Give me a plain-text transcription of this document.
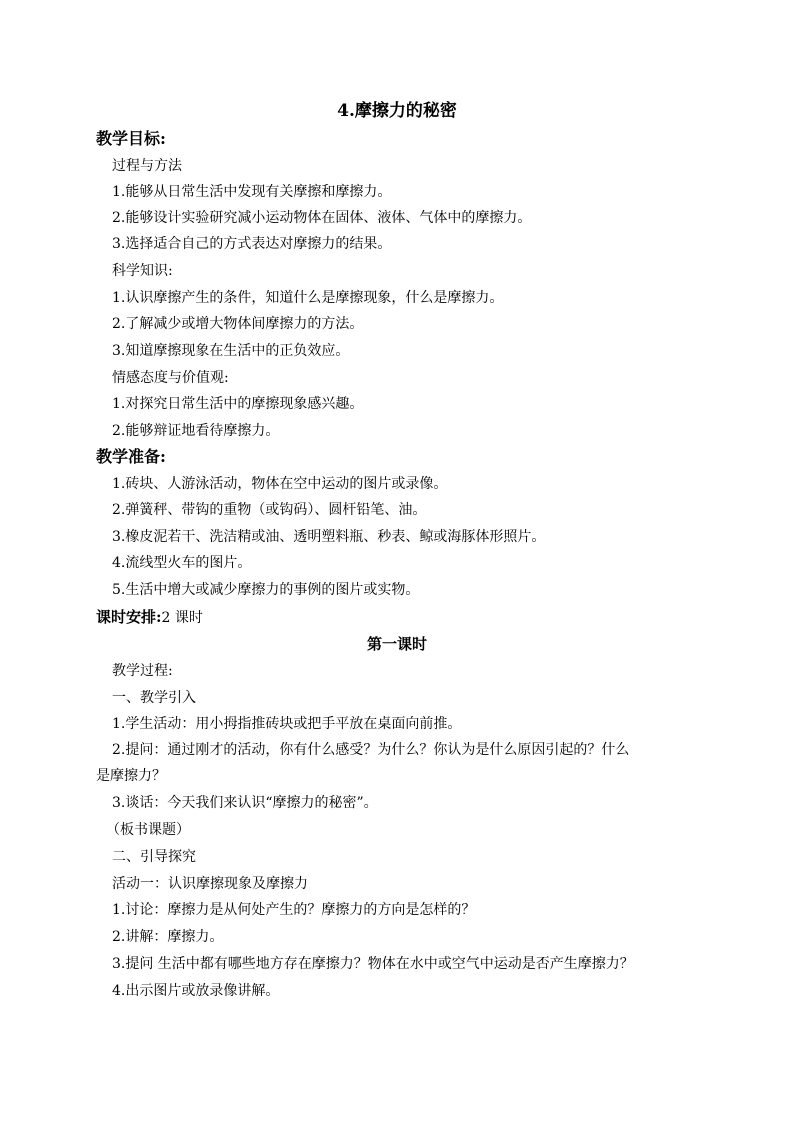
4.摩擦力的秘密
教学目标:
过程与方法
1.能够从日常生活中发现有关摩擦和摩擦力。
2.能够设计实验研究减小运动物体在固体、液体、气体中的摩擦力。
3.选择适合自己的方式表达对摩擦力的结果。
科学知识:
1.认识摩擦产生的条件，知道什么是摩擦现象，什么是摩擦力。
2.了解减少或增大物体间摩擦力的方法。
3.知道摩擦现象在生活中的正负效应。
情感态度与价值观:
1.对探究日常生活中的摩擦现象感兴趣。
2.能够辩证地看待摩擦力。
教学准备:
1.砖块、人游泳活动，物体在空中运动的图片或录像。
2.弹簧秤、带钩的重物（或钩码）、圆杆铅笔、油。
3.橡皮泥若干、洗洁精或油、透明塑料瓶、秒表、鲸或海豚体形照片。
4.流线型火车的图片。
5.生活中增大或减少摩擦力的事例的图片或实物。
课时安排:2 课时
第一课时
教学过程:
一、教学引入
1.学生活动：用小拇指推砖块或把手平放在桌面向前推。
2.提问：通过刚才的活动，你有什么感受？为什么？你认为是什么原因引起的？什么
是摩擦力？
3.谈话：今天我们来认识“摩擦力的秘密”。
（板书课题）
二、引导探究
活动一：认识摩擦现象及摩擦力
1.讨论：摩擦力是从何处产生的？摩擦力的方向是怎样的？
2.讲解：摩擦力。
3.提问 生活中都有哪些地方存在摩擦力？物体在水中或空气中运动是否产生摩擦力？
4.出示图片或放录像讲解。
